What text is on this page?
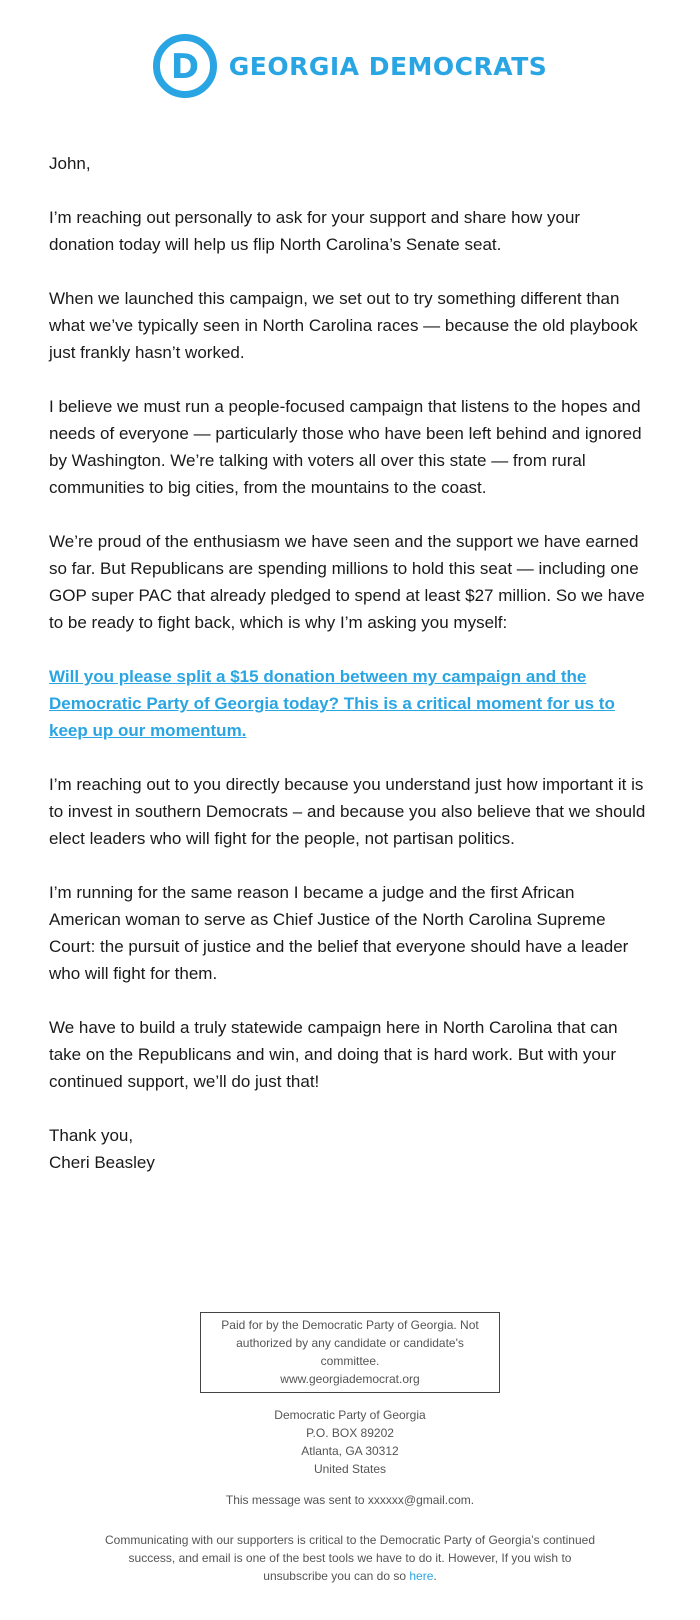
D GEORGIA DEMOCRATS

John,

I’m reaching out personally to ask for your support and share how your donation today will help us flip North Carolina’s Senate seat.

When we launched this campaign, we set out to try something different than what we’ve typically seen in North Carolina races — because the old playbook just frankly hasn’t worked.

I believe we must run a people-focused campaign that listens to the hopes and needs of everyone — particularly those who have been left behind and ignored by Washington. We’re talking with voters all over this state — from rural communities to big cities, from the mountains to the coast.

We’re proud of the enthusiasm we have seen and the support we have earned so far. But Republicans are spending millions to hold this seat — including one GOP super PAC that already pledged to spend at least $27 million. So we have to be ready to fight back, which is why I’m asking you myself:

Will you please split a $15 donation between my campaign and the Democratic Party of Georgia today? This is a critical moment for us to keep up our momentum.

I’m reaching out to you directly because you understand just how important it is to invest in southern Democrats – and because you also believe that we should elect leaders who will fight for the people, not partisan politics.

I’m running for the same reason I became a judge and the first African American woman to serve as Chief Justice of the North Carolina Supreme Court: the pursuit of justice and the belief that everyone should have a leader who will fight for them.

We have to build a truly statewide campaign here in North Carolina that can take on the Republicans and win, and doing that is hard work. But with your continued support, we’ll do just that!

Thank you,

Cheri Beasley

Paid for by the Democratic Party of Georgia. Not
authorized by any candidate or candidate's committee.
www.georgiademocrat.org
Democratic Party of Georgia
P.O. BOX 89202
Atlanta, GA 30312
United States
This message was sent to xxxxxx@gmail.com.
Communicating with our supporters is critical to the Democratic Party of Georgia’s continued
success, and email is one of the best tools we have to do it. However, If you wish to
unsubscribe you can do so here.
